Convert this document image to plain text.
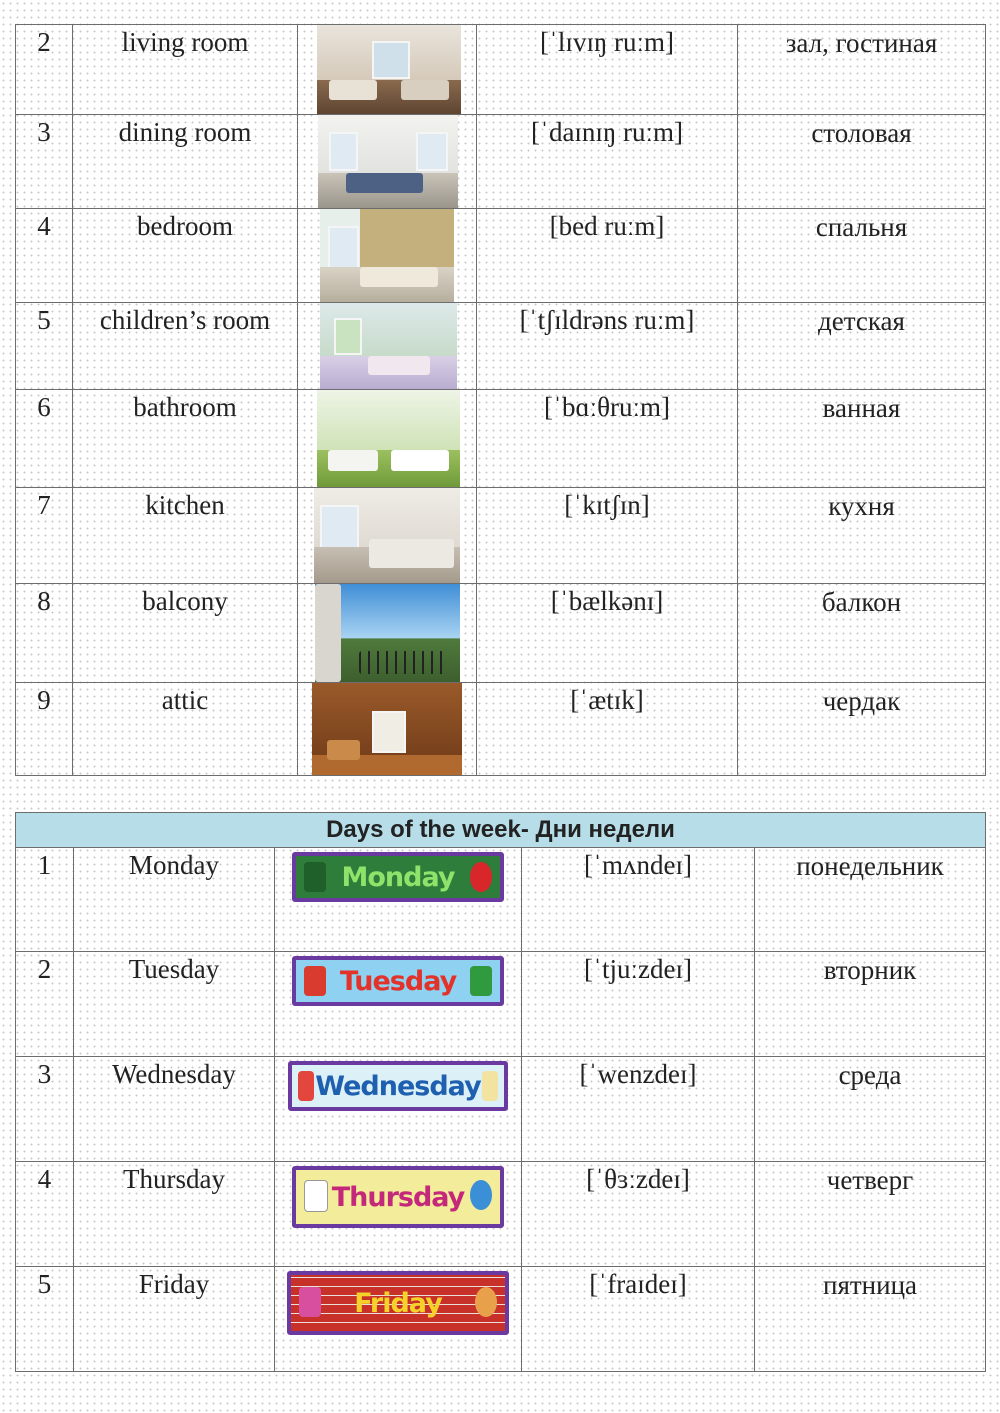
2	living room		[ˈlɪvɪŋ ruːm]	зал, гостиная
3	dining room		[ˈdaɪnɪŋ ruːm]	столовая
4	bedroom		[bed ruːm]	спальня
5	children’s room		[ˈtʃɪldrəns ruːm]	детская
6	bathroom		[ˈbɑːθruːm]	ванная
7	kitchen		[ˈkɪtʃɪn]	кухня
8	balcony		[ˈbælkənɪ]	балкон
9	attic		[ˈætɪk]	чердак
Days of the week- Дни недели				
1	Monday	Monday	[ˈmʌndeɪ]	понедельник
2	Tuesday	Tuesday	[ˈtjuːzdeɪ]	вторник
3	Wednesday	Wednesday	[ˈwenzdeɪ]	среда
4	Thursday	Thursday	[ˈθɜːzdeɪ]	четверг
5	Friday	Friday	[ˈfraɪdeɪ]	пятница
